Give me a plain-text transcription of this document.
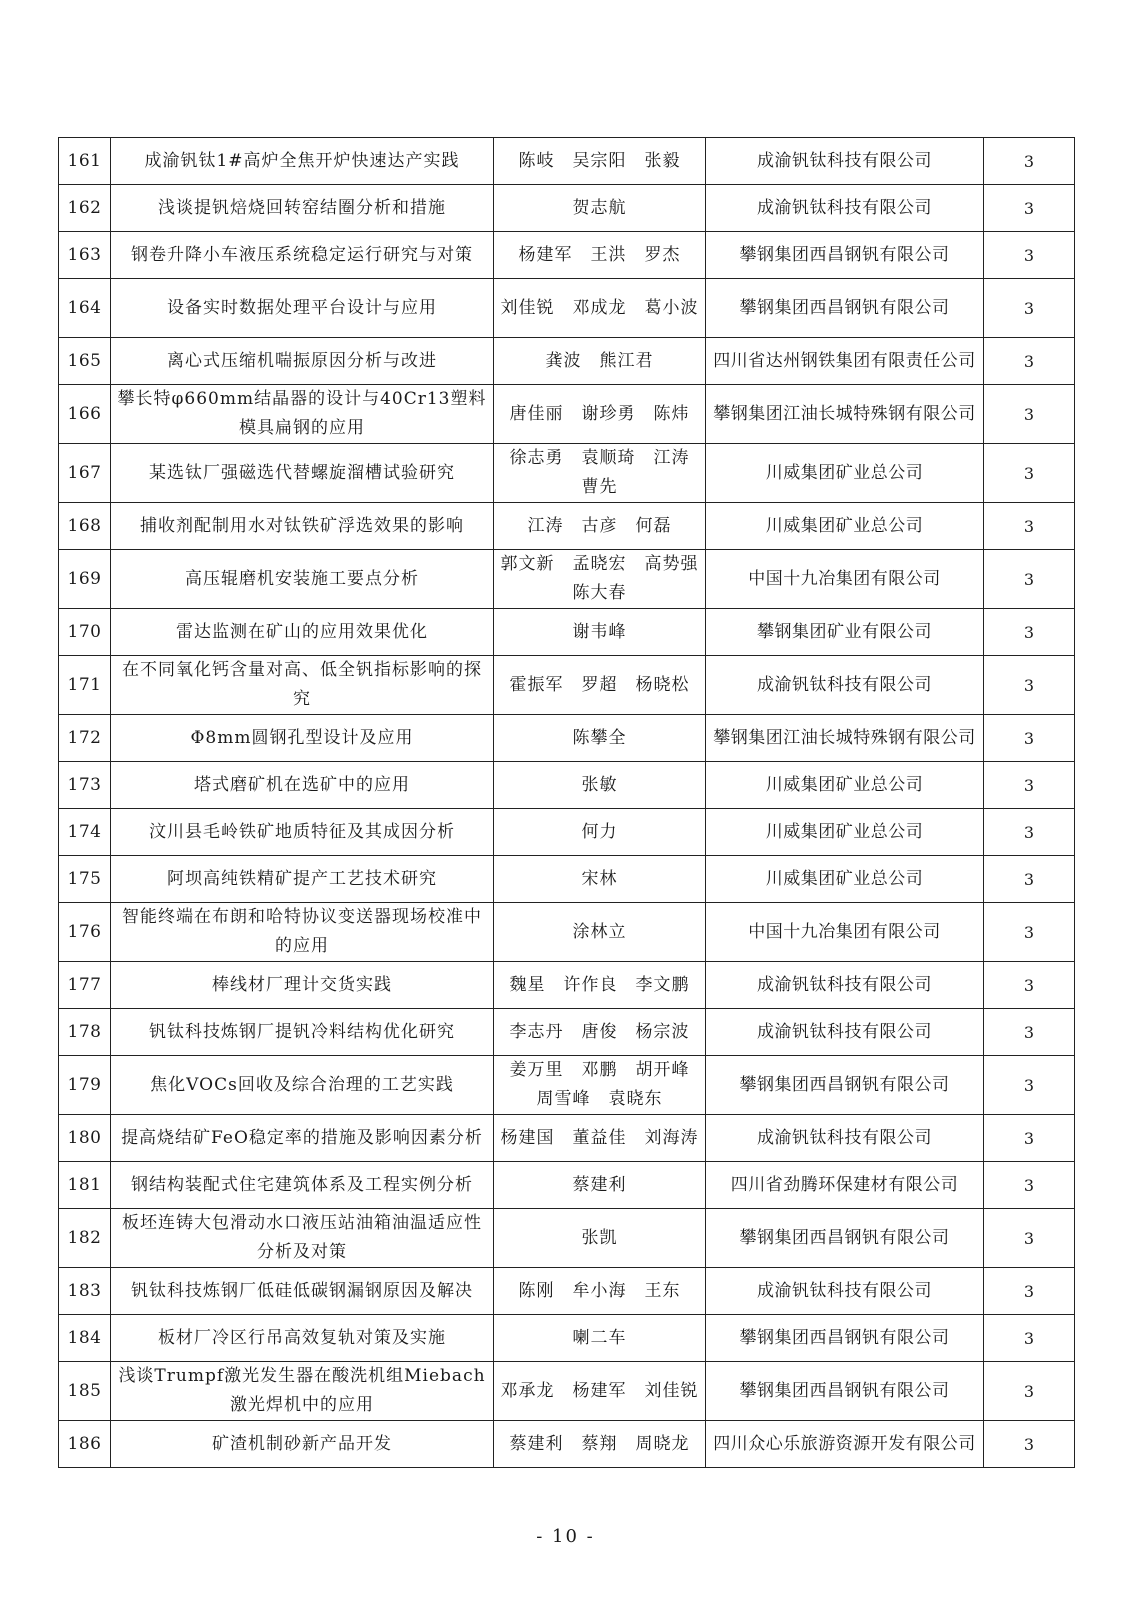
161	成渝钒钛1#高炉全焦开炉快速达产实践	陈岐　吴宗阳　张毅	成渝钒钛科技有限公司	3
162	浅谈提钒焙烧回转窑结圈分析和措施	贺志航	成渝钒钛科技有限公司	3
163	钢卷升降小车液压系统稳定运行研究与对策	杨建军　王洪　罗杰	攀钢集团西昌钢钒有限公司	3
164	设备实时数据处理平台设计与应用	刘佳锐　邓成龙　葛小波	攀钢集团西昌钢钒有限公司	3
165	离心式压缩机喘振原因分析与改进	龚波　熊江君	四川省达州钢铁集团有限责任公司	3
166	攀长特φ660mm结晶器的设计与40Cr13塑料模具扁钢的应用	唐佳丽　谢珍勇　陈炜	攀钢集团江油长城特殊钢有限公司	3
167	某选钛厂强磁选代替螺旋溜槽试验研究	徐志勇　袁顺琦　江涛　曹先	川威集团矿业总公司	3
168	捕收剂配制用水对钛铁矿浮选效果的影响	江涛　古彦　何磊	川威集团矿业总公司	3
169	高压辊磨机安装施工要点分析	郭文新　孟晓宏　高势强　陈大春	中国十九冶集团有限公司	3
170	雷达监测在矿山的应用效果优化	谢韦峰	攀钢集团矿业有限公司	3
171	在不同氧化钙含量对高、低全钒指标影响的探究	霍振军　罗超　杨晓松	成渝钒钛科技有限公司	3
172	Φ8mm圆钢孔型设计及应用	陈攀全	攀钢集团江油长城特殊钢有限公司	3
173	塔式磨矿机在选矿中的应用	张敏	川威集团矿业总公司	3
174	汶川县毛岭铁矿地质特征及其成因分析	何力	川威集团矿业总公司	3
175	阿坝高纯铁精矿提产工艺技术研究	宋林	川威集团矿业总公司	3
176	智能终端在布朗和哈特协议变送器现场校准中的应用	涂林立	中国十九冶集团有限公司	3
177	棒线材厂理计交货实践	魏星　许作良　李文鹏	成渝钒钛科技有限公司	3
178	钒钛科技炼钢厂提钒冷料结构优化研究	李志丹　唐俊　杨宗波	成渝钒钛科技有限公司	3
179	焦化VOCs回收及综合治理的工艺实践	姜万里　邓鹏　胡开峰　周雪峰　袁晓东	攀钢集团西昌钢钒有限公司	3
180	提高烧结矿FeO稳定率的措施及影响因素分析	杨建国　董益佳　刘海涛	成渝钒钛科技有限公司	3
181	钢结构装配式住宅建筑体系及工程实例分析	蔡建利	四川省劲腾环保建材有限公司	3
182	板坯连铸大包滑动水口液压站油箱油温适应性分析及对策	张凯	攀钢集团西昌钢钒有限公司	3
183	钒钛科技炼钢厂低硅低碳钢漏钢原因及解决	陈刚　牟小海　王东	成渝钒钛科技有限公司	3
184	板材厂冷区行吊高效复轨对策及实施	喇二车	攀钢集团西昌钢钒有限公司	3
185	浅谈Trumpf激光发生器在酸洗机组Miebach激光焊机中的应用	邓承龙　杨建军　刘佳锐	攀钢集团西昌钢钒有限公司	3
186	矿渣机制砂新产品开发	蔡建利　蔡翔　周晓龙	四川众心乐旅游资源开发有限公司	3
- 10 -
